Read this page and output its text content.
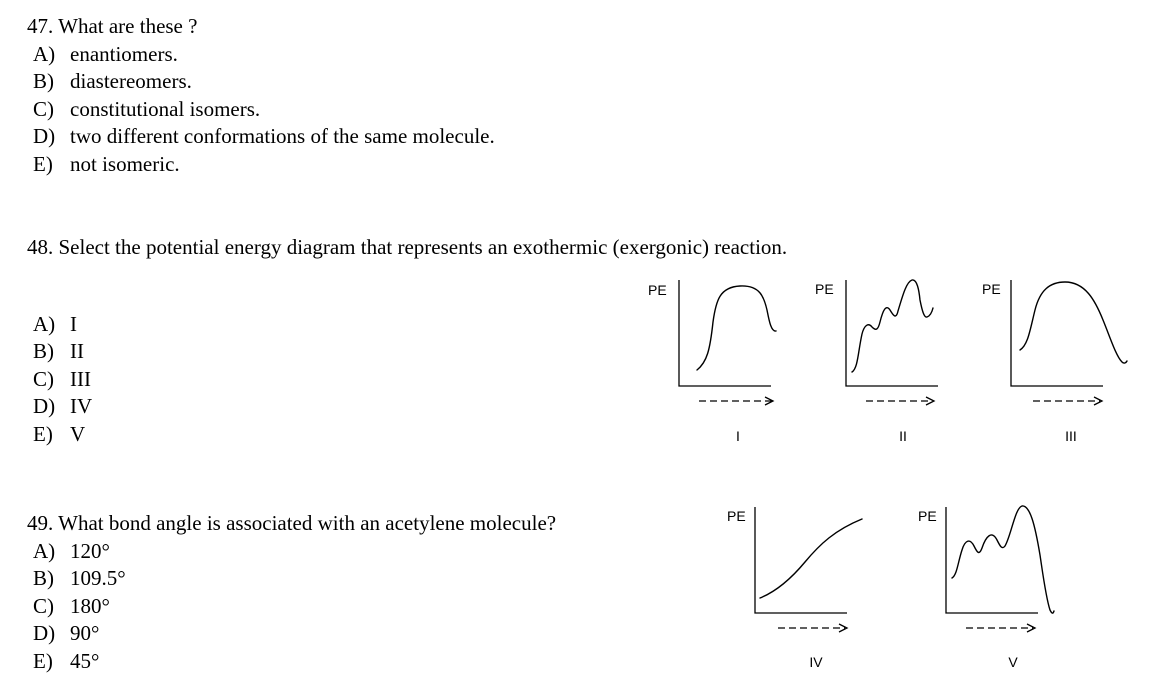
47. What are these ?
A) enantiomers.
B) diastereomers.
C) constitutional isomers.
D) two different conformations of the same molecule.
E) not isomeric.
48. Select the potential energy diagram that represents an exothermic (exergonic) reaction.
A) I
B) II
C) III
D) IV
E) V
49. What bond angle is associated with an acetylene molecule?
A) 120°
B) 109.5°
C) 180°
D) 90°
E) 45°
PE
I
PE
II
PE
III
PE
IV
PE
V
